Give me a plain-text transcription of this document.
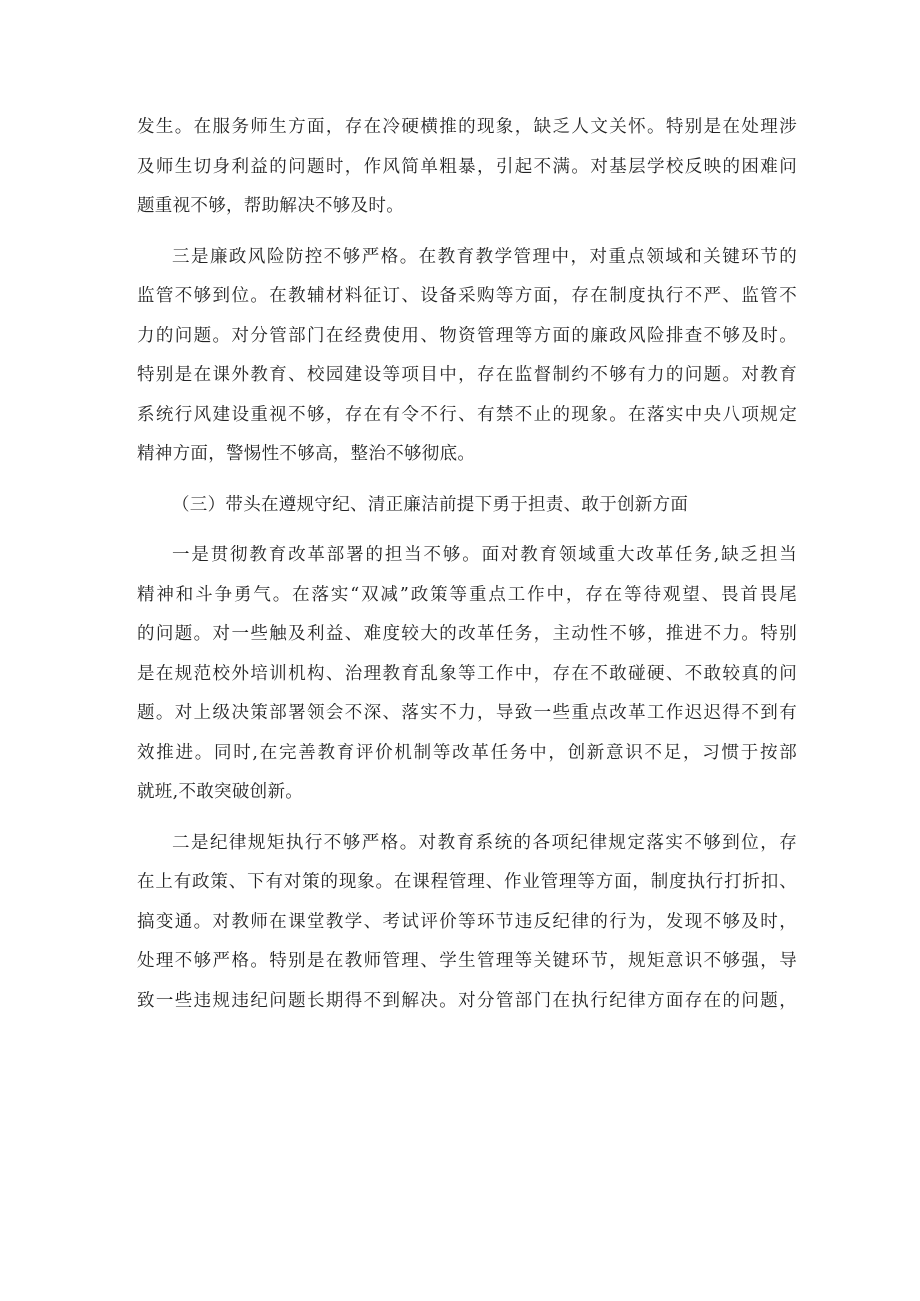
发生。在服务师生方面，存在冷硬横推的现象，缺乏人文关怀。特别是在处理涉
及师生切身利益的问题时，作风简单粗暴，引起不满。对基层学校反映的困难问
题重视不够，帮助解决不够及时。
三是廉政风险防控不够严格。在教育教学管理中，对重点领域和关键环节的
监管不够到位。在教辅材料征订、设备采购等方面，存在制度执行不严、监管不
力的问题。对分管部门在经费使用、物资管理等方面的廉政风险排查不够及时。
特别是在课外教育、校园建设等项目中，存在监督制约不够有力的问题。对教育
系统行风建设重视不够，存在有令不行、有禁不止的现象。在落实中央八项规定
精神方面，警惕性不够高，整治不够彻底。
（三）带头在遵规守纪、清正廉洁前提下勇于担责、敢于创新方面
一是贯彻教育改革部署的担当不够。面对教育领域重大改革任务,缺乏担当
精神和斗争勇气。在落实“双减”政策等重点工作中，存在等待观望、畏首畏尾
的问题。对一些触及利益、难度较大的改革任务，主动性不够，推进不力。特别
是在规范校外培训机构、治理教育乱象等工作中，存在不敢碰硬、不敢较真的问
题。对上级决策部署领会不深、落实不力，导致一些重点改革工作迟迟得不到有
效推进。同时,在完善教育评价机制等改革任务中，创新意识不足，习惯于按部
就班,不敢突破创新。
二是纪律规矩执行不够严格。对教育系统的各项纪律规定落实不够到位，存
在上有政策、下有对策的现象。在课程管理、作业管理等方面，制度执行打折扣、
搞变通。对教师在课堂教学、考试评价等环节违反纪律的行为，发现不够及时，
处理不够严格。特别是在教师管理、学生管理等关键环节，规矩意识不够强，导
致一些违规违纪问题长期得不到解决。对分管部门在执行纪律方面存在的问题，
